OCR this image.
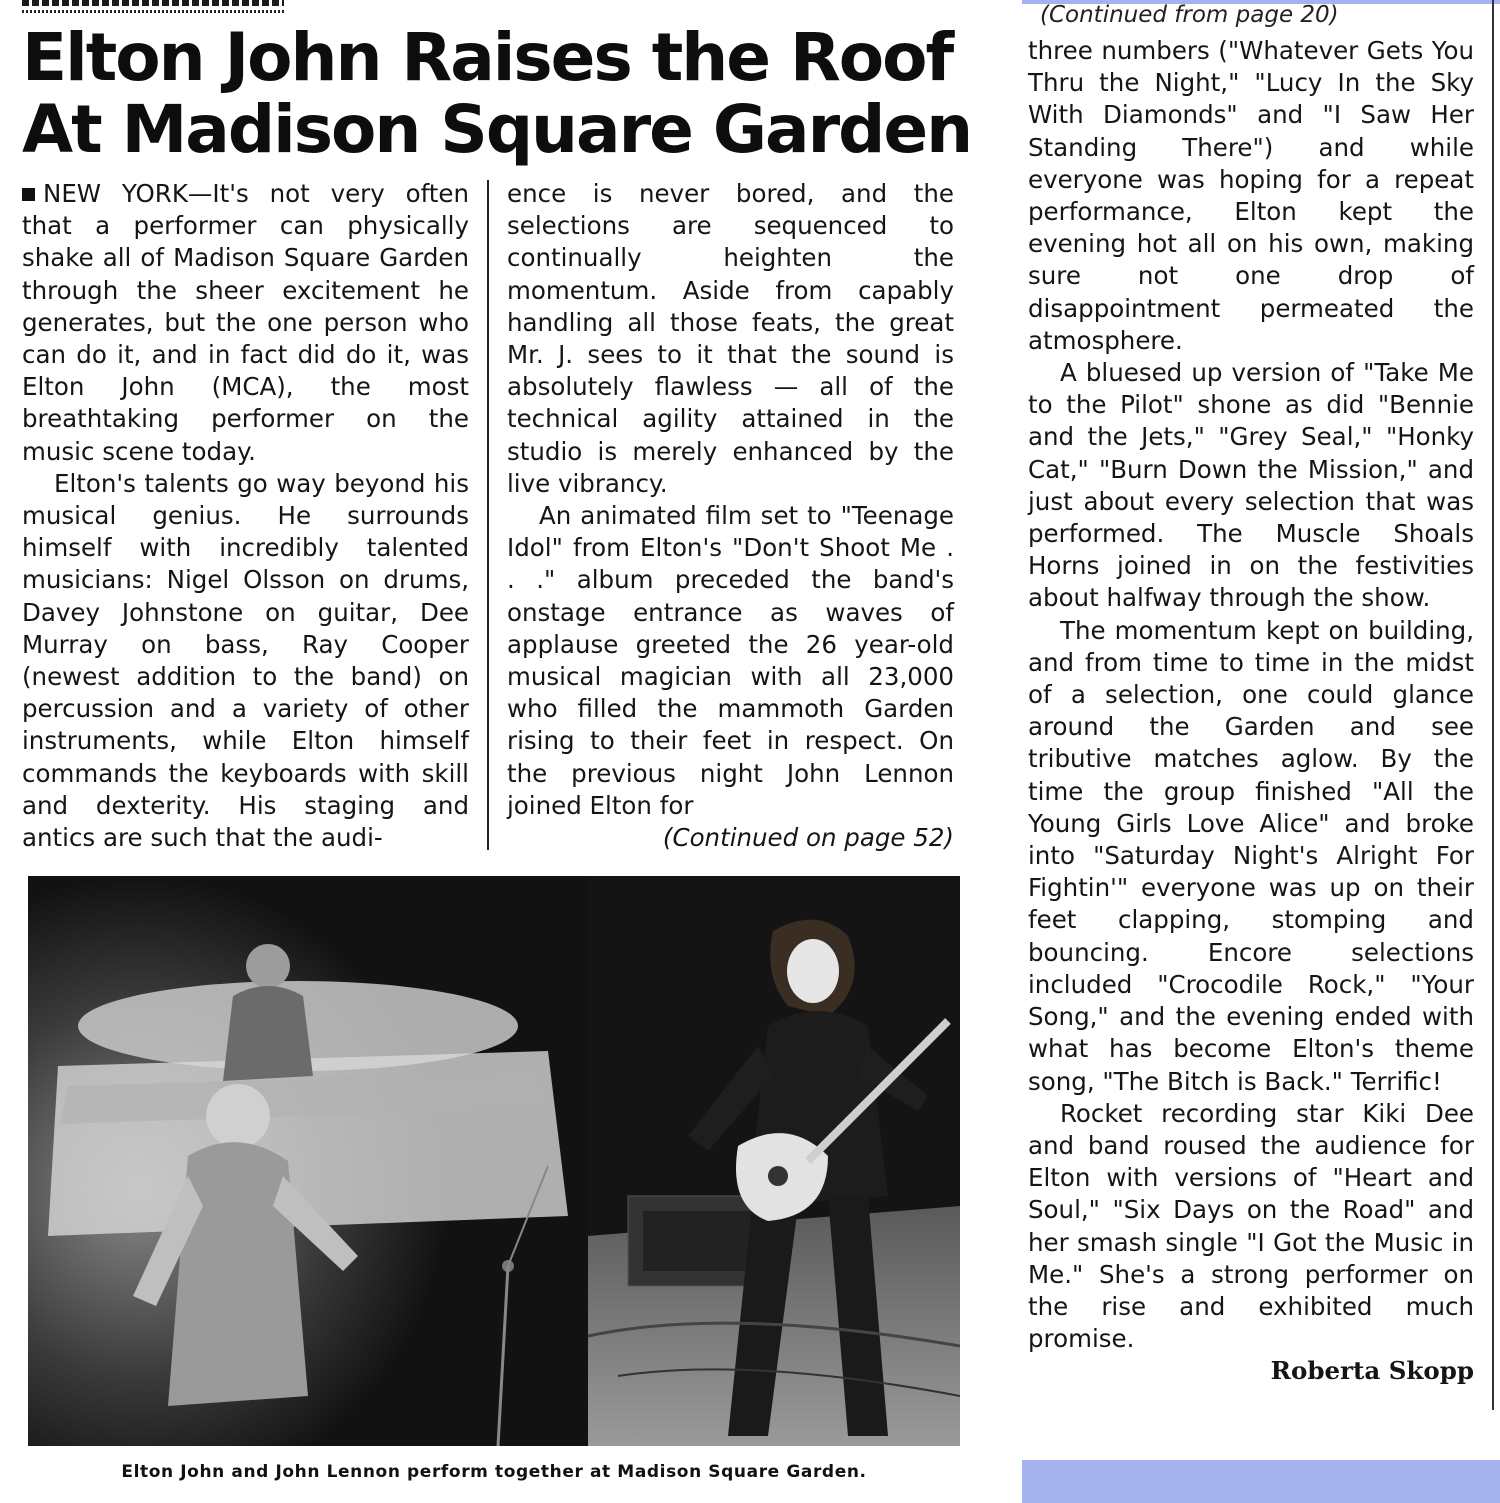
Elton John Raises the Roof
At Madison Square Garden

NEW YORK—It's not very often that a performer can physically shake all of Madison Square Garden through the sheer excitement he generates, but the one person who can do it, and in fact did do it, was Elton John (MCA), the most breathtaking performer on the music scene today.

Elton's talents go way beyond his musical genius. He surrounds himself with incredibly talented musicians: Nigel Olsson on drums, Davey Johnstone on guitar, Dee Murray on bass, Ray Cooper (newest addition to the band) on percussion and a variety of other instruments, while Elton himself commands the keyboards with skill and dexterity. His staging and antics are such that the audi-

ence is never bored, and the selections are sequenced to continually heighten the momentum. Aside from capably handling all those feats, the great Mr. J. sees to it that the sound is absolutely flawless — all of the technical agility attained in the studio is merely enhanced by the live vibrancy.

An animated film set to "Teenage Idol" from Elton's "Don't Shoot Me . . ." album preceded the band's onstage entrance as waves of applause greeted the 26 year-old musical magician with all 23,000 who filled the mammoth Garden rising to their feet in respect. On the previous night John Lennon joined Elton for

(Continued on page 52)

(Continued from page 20)

three numbers ("Whatever Gets You Thru the Night," "Lucy In the Sky With Diamonds" and "I Saw Her Standing There") and while everyone was hoping for a repeat performance, Elton kept the evening hot all on his own, making sure not one drop of disappointment permeated the atmosphere.

A bluesed up version of "Take Me to the Pilot" shone as did "Bennie and the Jets," "Grey Seal," "Honky Cat," "Burn Down the Mission," and just about every selection that was performed. The Muscle Shoals Horns joined in on the festivities about halfway through the show.

The momentum kept on building, and from time to time in the midst of a selection, one could glance around the Garden and see tributive matches aglow. By the time the group finished "All the Young Girls Love Alice" and broke into "Saturday Night's Alright For Fightin'" everyone was up on their feet clapping, stomping and bouncing. Encore selections included "Crocodile Rock," "Your Song," and the evening ended with what has become Elton's theme song, "The Bitch is Back." Terrific!

Rocket recording star Kiki Dee and band roused the audience for Elton with versions of "Heart and Soul," "Six Days on the Road" and her smash single "I Got the Music in Me." She's a strong performer on the rise and exhibited much promise.

Roberta Skopp

Elton John and John Lennon perform together at Madison Square Garden.
